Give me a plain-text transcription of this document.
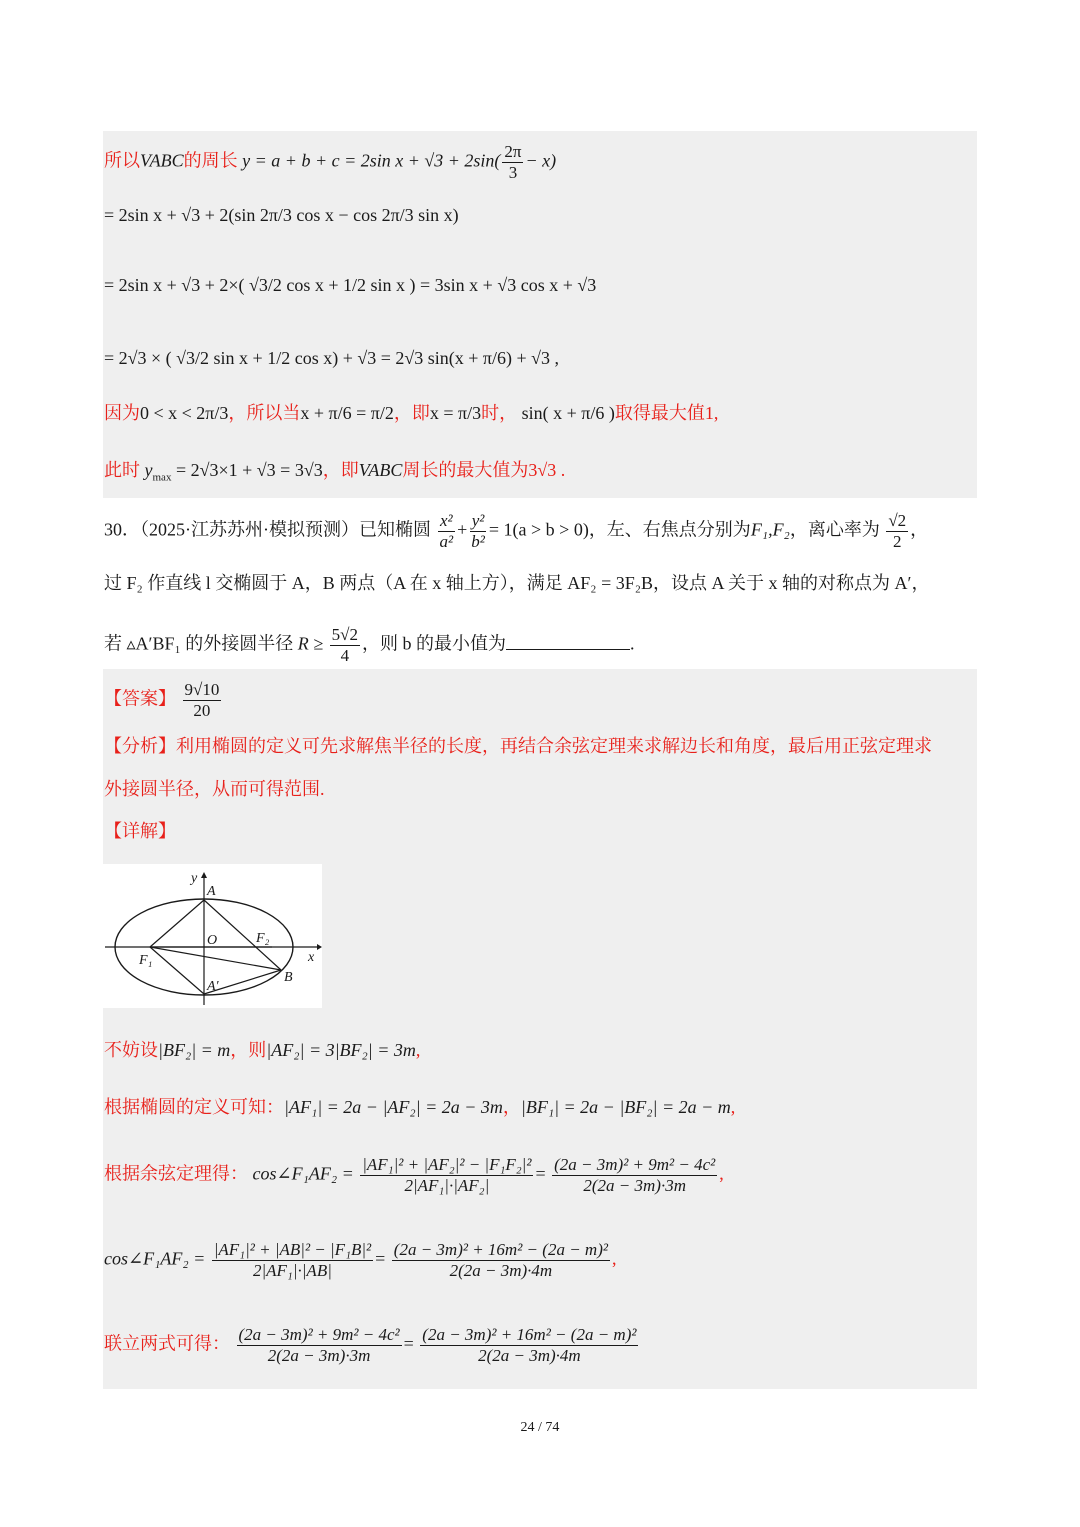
所以VABC的周长 y = a + b + c = 2sin $x + √3 + 2\sin( \frac{2\pi}{3} - x)$
= 2sin x + √3 + 2(sin 2π/3 cos x − cos 2π/3 sin x)
= 2sin x + √3 + 2×( √3/2 cos x + 1/2 sin x ) = 3sin x + √3 cos x + √3
= 2√3 × ( √3/2 sin x + 1/2 cos x) + √3 = 2√3 sin(x + π/6) + √3 ,
因为0 < x < 2π/3，所以当x + π/6 = π/2，即x = π/3时， sin( x + π/6 )取得最大值1,
此时 $y_{max} = 2√3\times 1 + √3 = 3√3$，即VABC周长的最大值为3√3 .
30．（2025·江苏苏州·模拟预测）已知椭圆 $\frac{\text{x²}}{\text{a²}} + \frac{\text{y²}}{\text{b²}} = 1(a > b > 0)$，左、右焦点分别为F₁,F₂，离心率为 $\frac{√2}{2}$ ，
过 F₂ 作直线 l 交椭圆于 A，B 两点（A 在 x 轴上方），满足 AF₂ = 3F₂B，设点 A 关于 x 轴的对称点为 A′，
若 ▵A′BF₁ 的外接圆半径 $R \ge \frac{5√2}{4}$ ，则 b 的最小值为	.
【答案】 $\frac{9√10}{20}$
【分析】利用椭圆的定义可先求解焦半径的长度，再结合余弦定理来求解边长和角度，最后用正弦定理求
外接圆半径，从而可得范围.
【详解】
y
A
O	F₂
x
F₁
A′
B
不妨设|BF₂| = m，则|AF₂| = 3|BF₂| = 3m,
根据椭圆的定义可知：|AF₁| = 2a − |AF₂| = 2a − 3m，|BF₁| = 2a − |BF₂| = 2a − m,
根据余弦定理得： cos∠F₁AF₂ = $\frac{\text{|AF₁|² + |AF₂|² − |F₁F₂|²}}{\text{2|AF₁|·|AF₂|}} = \frac{\text{(2a − 3m)² + 9m² − 4c²}}{2(2a - 3m)\cdot 3m}$ ,
cos∠F₁AF₂ = $\frac{\text{|AF₁|² + |AB|² − |F₁B|²}}{\text{2|AF₁|·|AB|}} = \frac{\text{(2a − 3m)² + 16m² − (2a − m)²}}{2(2a - 3m)\cdot 4m}$ ,
联立两式可得： $\frac{\text{(2a − 3m)² + 9m² − 4c²}}{2(2a - 3m)\cdot 3m} = \frac{\text{(2a − 3m)² + 16m² − (2a − m)²}}{2(2a - 3m)\cdot 4m}$
24 / 74
